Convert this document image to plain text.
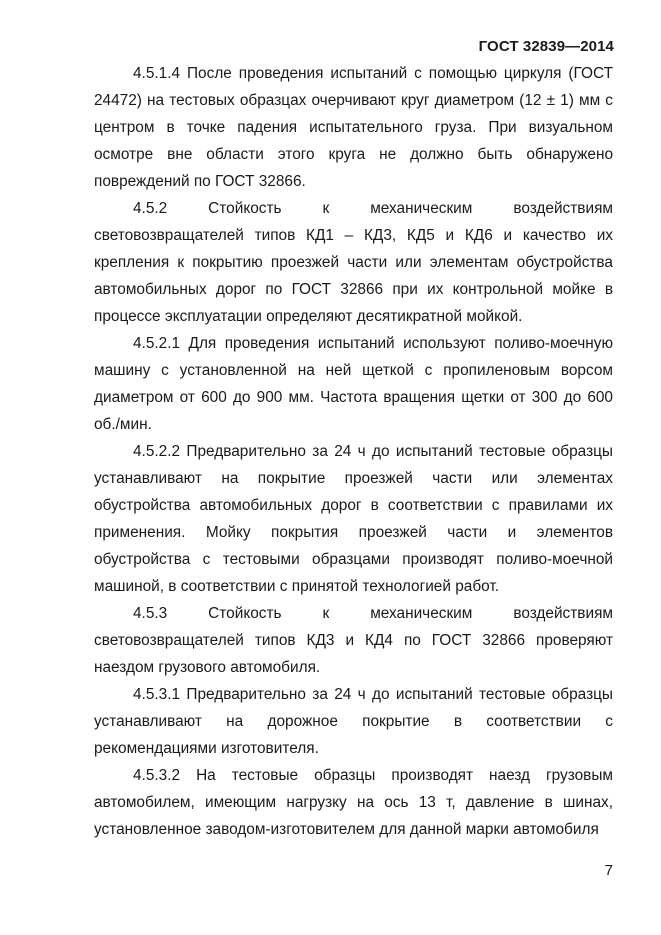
ГОСТ 32839—2014

4.5.1.4 После проведения испытаний с помощью циркуля (ГОСТ 24472) на тестовых образцах очерчивают круг диаметром (12 ± 1) мм с центром в точке падения испытательного груза. При визуальном осмотре вне области этого круга не должно быть обнаружено повреждений по ГОСТ 32866.

4.5.2 Стойкость к механическим воздействиям световозвращателей типов КД1 – КД3, КД5 и КД6 и качество их крепления к покрытию проезжей части или элементам обустройства автомобильных дорог по ГОСТ 32866 при их контрольной мойке в процессе эксплуатации определяют десятикратной мойкой.

4.5.2.1 Для проведения испытаний используют поливо-моечную машину с установленной на ней щеткой с пропиленовым ворсом диаметром от 600 до 900 мм. Частота вращения щетки от 300 до 600 об./мин.

4.5.2.2 Предварительно за 24 ч до испытаний тестовые образцы устанавливают на покрытие проезжей части или элементах обустройства автомобильных дорог в соответствии с правилами их применения. Мойку покрытия проезжей части и элементов обустройства с тестовыми образцами производят поливо-моечной машиной, в соответствии с принятой технологией работ.

4.5.3 Стойкость к механическим воздействиям световозвращателей типов КД3 и КД4 по ГОСТ 32866 проверяют наездом грузового автомобиля.

4.5.3.1 Предварительно за 24 ч до испытаний тестовые образцы устанавливают на дорожное покрытие в соответствии с рекомендациями изготовителя.

4.5.3.2 На тестовые образцы производят наезд грузовым автомобилем, имеющим нагрузку на ось 13 т, давление в шинах, установленное заводом-изготовителем для данной марки автомобиля

7
